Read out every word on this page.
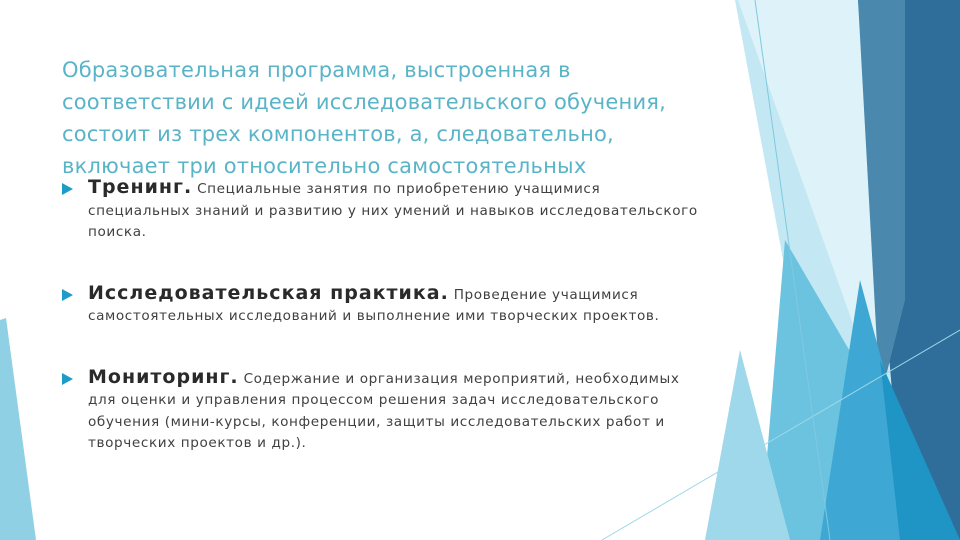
Образовательная программа, выстроенная в соответствии с идеей исследовательского обучения, состоит из трех компонентов, а, следовательно, включает три относительно самостоятельных
Тренинг. Специальные занятия по приобретению учащимися специальных знаний и развитию у них умений и навыков исследовательского поиска.
Исследовательская практика. Проведение учащимися самостоятельных исследований и выполнение ими творческих проектов.
Мониторинг. Содержание и организация мероприятий, необходимых для оценки и управления процессом решения задач исследовательского обучения (мини-курсы, конференции, защиты исследовательских работ и творческих проектов и др.).
